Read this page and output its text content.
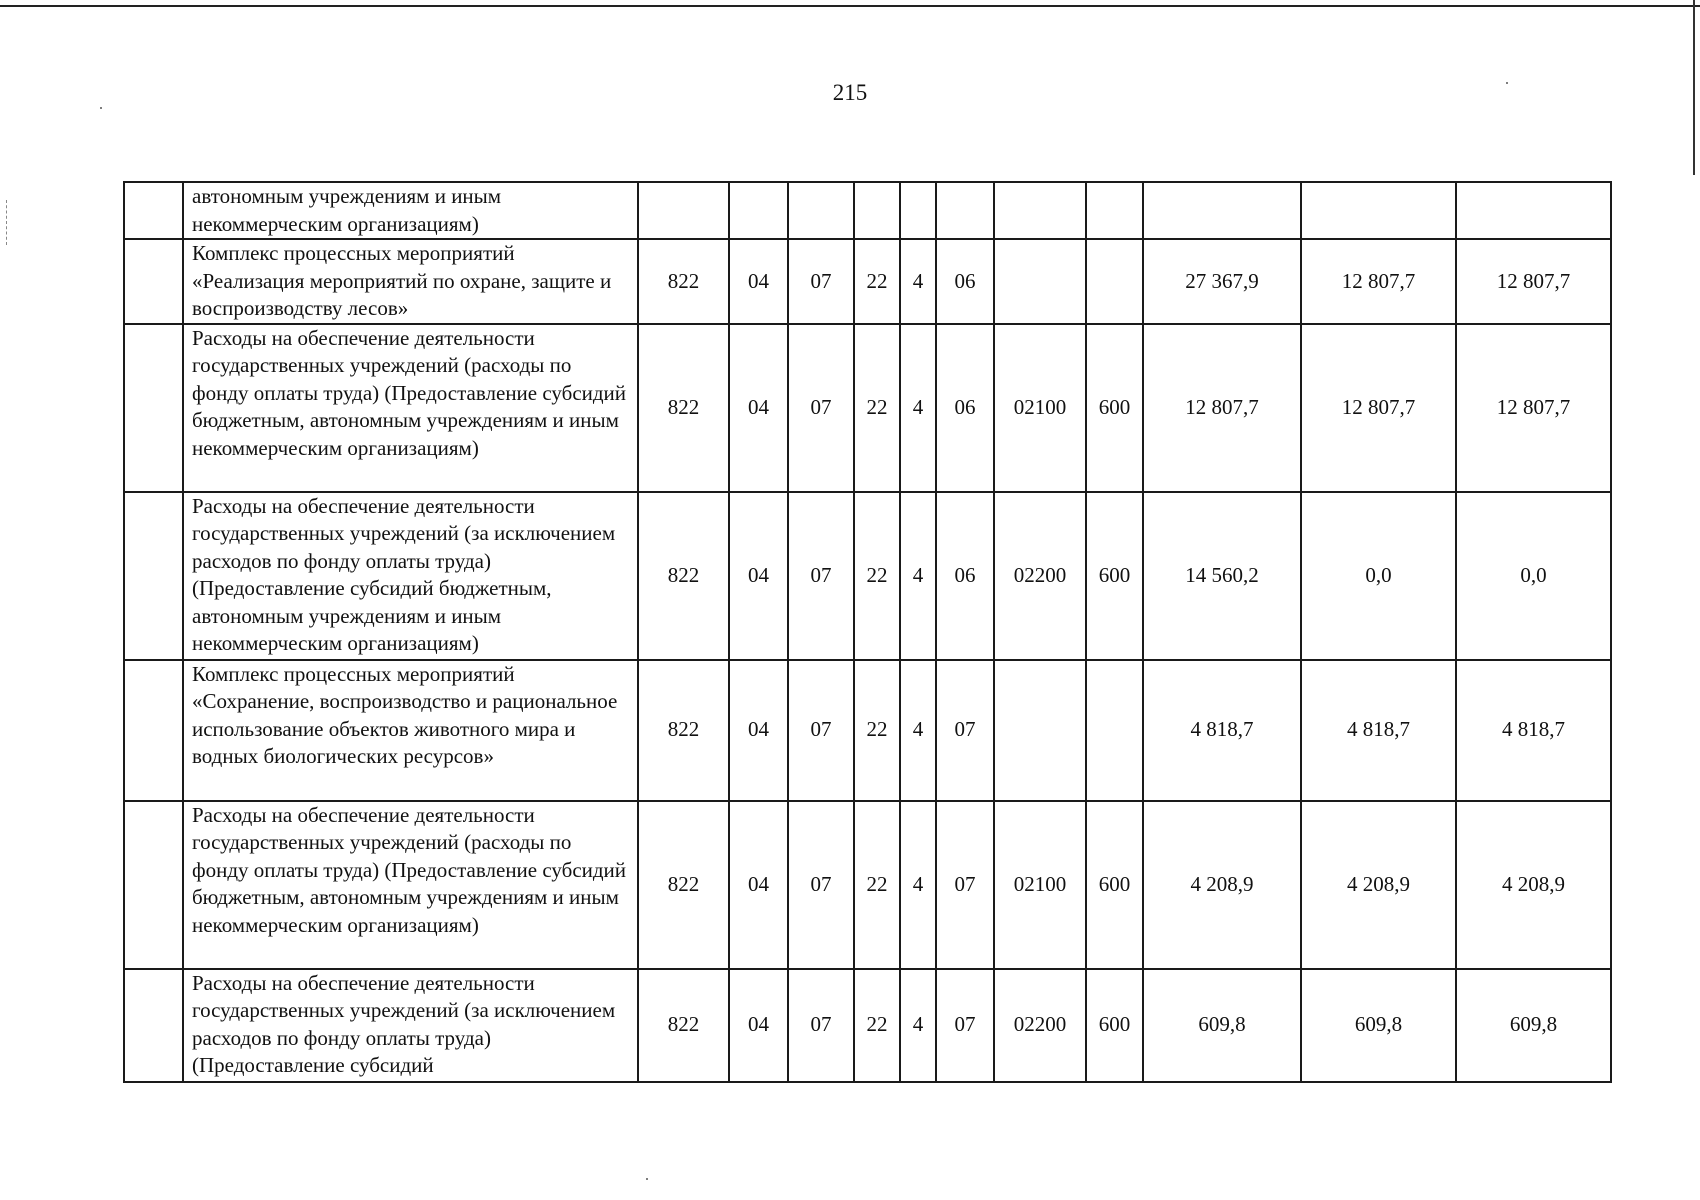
215
	автономным учреждениям и иным некоммерческим организациям)											
	Комплекс процессных мероприятий «Реализация мероприятий по охране, защите и воспроизводству лесов»	822	04	07	22	4	06			27 367,9	12 807,7	12 807,7
	Расходы на обеспечение деятельности государственных учреждений (расходы по фонду оплаты труда) (Предоставление субсидий бюджетным, автономным учреждениям и иным некоммерческим организациям)	822	04	07	22	4	06	02100	600	12 807,7	12 807,7	12 807,7
	Расходы на обеспечение деятельности государственных учреждений (за исключением расходов по фонду оплаты труда) (Предоставление субсидий бюджетным, автономным учреждениям и иным некоммерческим организациям)	822	04	07	22	4	06	02200	600	14 560,2	0,0	0,0
	Комплекс процессных мероприятий «Сохранение, воспроизводство и рациональное использование объектов животного мира и водных биологических ресурсов»	822	04	07	22	4	07			4 818,7	4 818,7	4 818,7
	Расходы на обеспечение деятельности государственных учреждений (расходы по фонду оплаты труда) (Предоставление субсидий бюджетным, автономным учреждениям и иным некоммерческим организациям)	822	04	07	22	4	07	02100	600	4 208,9	4 208,9	4 208,9
	Расходы на обеспечение деятельности государственных учреждений (за исключением расходов по фонду оплаты труда) (Предоставление субсидий	822	04	07	22	4	07	02200	600	609,8	609,8	609,8
